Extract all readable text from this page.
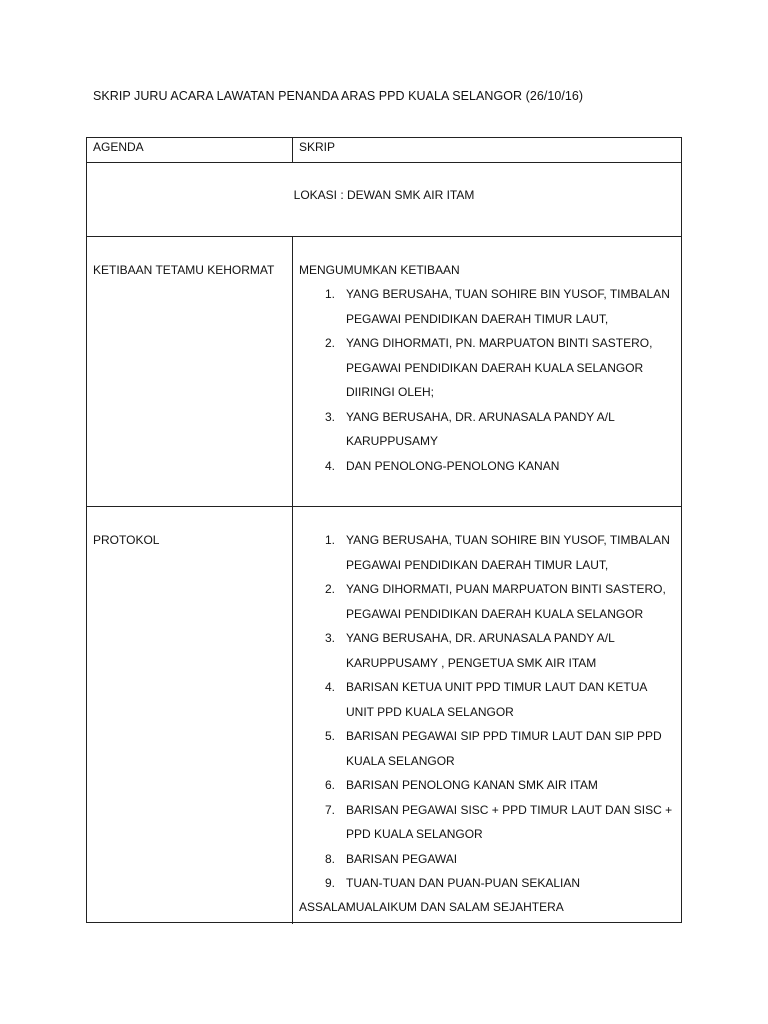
SKRIP JURU ACARA LAWATAN PENANDA ARAS PPD KUALA SELANGOR (26/10/16)
AGENDA	SKRIP
LOKASI : DEWAN SMK AIR ITAM
KETIBAAN TETAMU KEHORMAT MENGUMUMKAN KETIBAAN
1. YANG BERUSAHA, TUAN SOHIRE BIN YUSOF, TIMBALAN
PEGAWAI PENDIDIKAN DAERAH TIMUR LAUT,
2. YANG DIHORMATI, PN. MARPUATON BINTI SASTERO,
PEGAWAI PENDIDIKAN DAERAH KUALA SELANGOR
DIIRINGI OLEH;
3. YANG BERUSAHA, DR. ARUNASALA PANDY A/L
KARUPPUSAMY
4. DAN PENOLONG-PENOLONG KANAN
PROTOKOL	1. YANG BERUSAHA, TUAN SOHIRE BIN YUSOF, TIMBALAN
PEGAWAI PENDIDIKAN DAERAH TIMUR LAUT,
2. YANG DIHORMATI, PUAN MARPUATON BINTI SASTERO,
PEGAWAI PENDIDIKAN DAERAH KUALA SELANGOR
3. YANG BERUSAHA, DR. ARUNASALA PANDY A/L
KARUPPUSAMY , PENGETUA SMK AIR ITAM
4. BARISAN KETUA UNIT PPD TIMUR LAUT DAN KETUA
UNIT PPD KUALA SELANGOR
5. BARISAN PEGAWAI SIP PPD TIMUR LAUT DAN SIP PPD
KUALA SELANGOR
6. BARISAN PENOLONG KANAN SMK AIR ITAM
7. BARISAN PEGAWAI SISC + PPD TIMUR LAUT DAN SISC +
PPD KUALA SELANGOR
8. BARISAN PEGAWAI
9. TUAN-TUAN DAN PUAN-PUAN SEKALIAN
ASSALAMUALAIKUM DAN SALAM SEJAHTERA
